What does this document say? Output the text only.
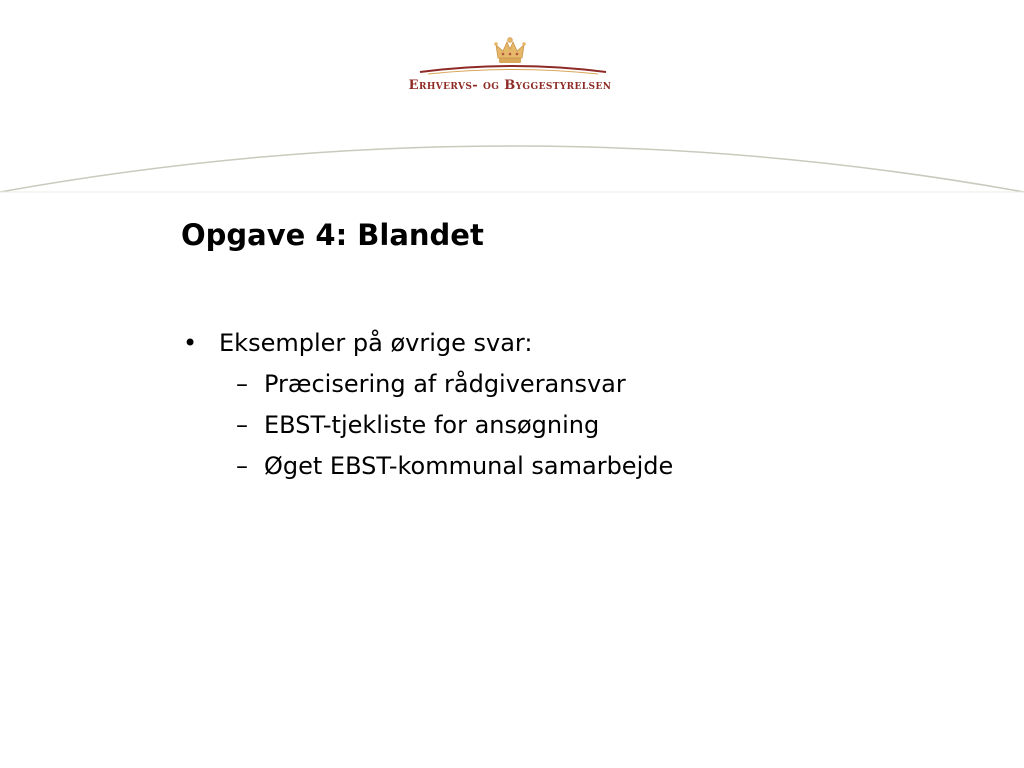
Erhvervs- og Byggestyrelsen
Opgave 4: Blandet
• Eksempler på øvrige svar:
– Præcisering af rådgiveransvar
– EBST-tjekliste for ansøgning
– Øget EBST-kommunal samarbejde
